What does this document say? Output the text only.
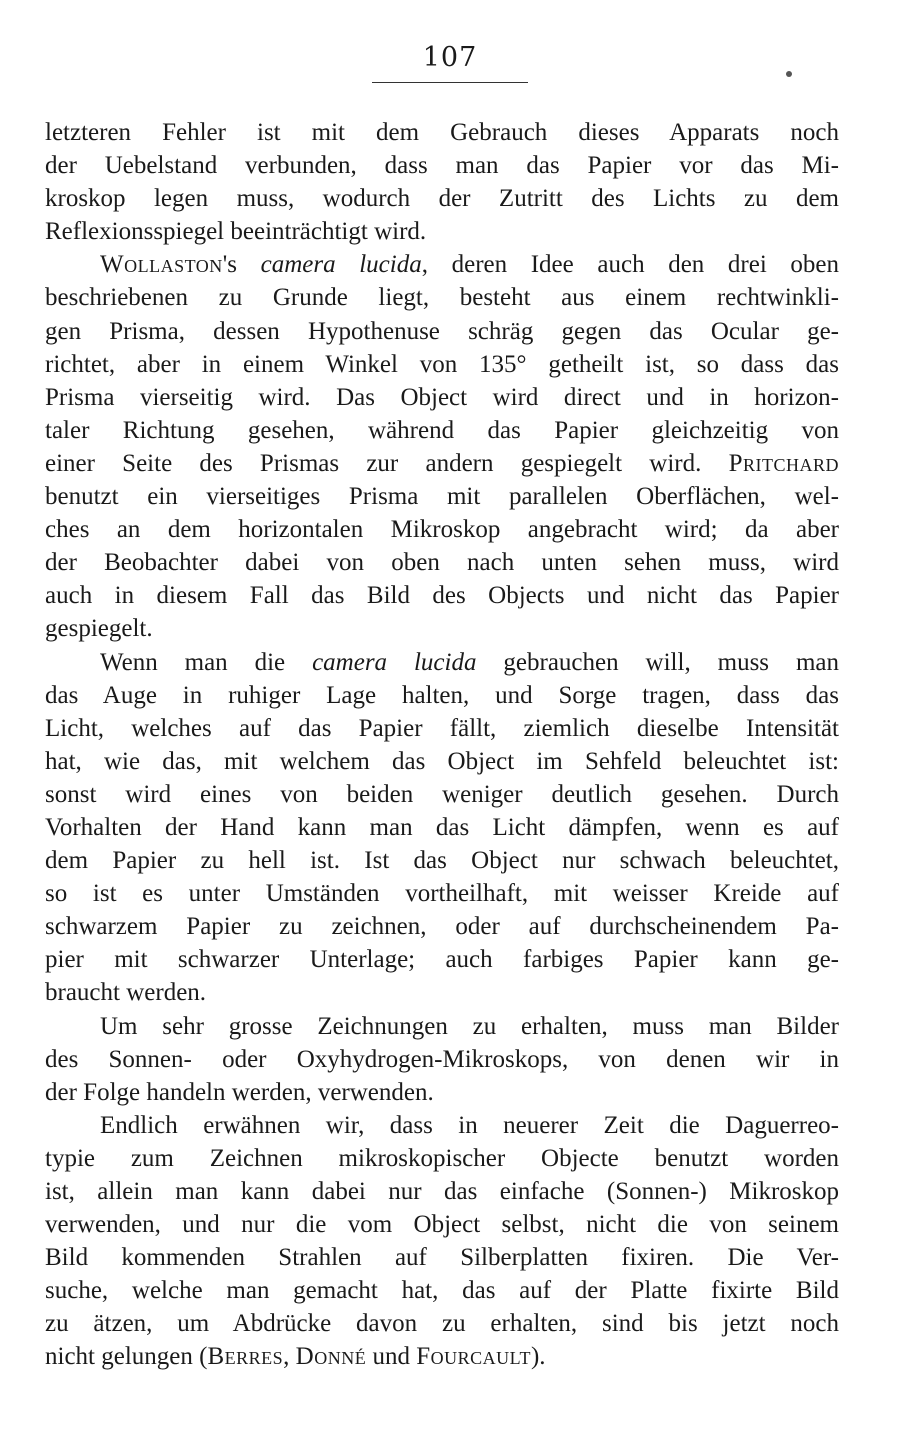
107
letzteren Fehler ist mit dem Gebrauch dieses Apparats noch
der Uebelstand verbunden, dass man das Papier vor das Mi-
kroskop legen muss, wodurch der Zutritt des Lichts zu dem
Reflexionsspiegel beeinträchtigt wird.
Wollaston's camera lucida, deren Idee auch den drei oben
beschriebenen zu Grunde liegt, besteht aus einem rechtwinkli-
gen Prisma, dessen Hypothenuse schräg gegen das Ocular ge-
richtet, aber in einem Winkel von 135° getheilt ist, so dass das
Prisma vierseitig wird. Das Object wird direct und in horizon-
taler Richtung gesehen, während das Papier gleichzeitig von
einer Seite des Prismas zur andern gespiegelt wird. Pritchard
benutzt ein vierseitiges Prisma mit parallelen Oberflächen, wel-
ches an dem horizontalen Mikroskop angebracht wird; da aber
der Beobachter dabei von oben nach unten sehen muss, wird
auch in diesem Fall das Bild des Objects und nicht das Papier
gespiegelt.
Wenn man die camera lucida gebrauchen will, muss man
das Auge in ruhiger Lage halten, und Sorge tragen, dass das
Licht, welches auf das Papier fällt, ziemlich dieselbe Intensität
hat, wie das, mit welchem das Object im Sehfeld beleuchtet ist:
sonst wird eines von beiden weniger deutlich gesehen. Durch
Vorhalten der Hand kann man das Licht dämpfen, wenn es auf
dem Papier zu hell ist. Ist das Object nur schwach beleuchtet,
so ist es unter Umständen vortheilhaft, mit weisser Kreide auf
schwarzem Papier zu zeichnen, oder auf durchscheinendem Pa-
pier mit schwarzer Unterlage; auch farbiges Papier kann ge-
braucht werden.
Um sehr grosse Zeichnungen zu erhalten, muss man Bilder
des Sonnen- oder Oxyhydrogen-Mikroskops, von denen wir in
der Folge handeln werden, verwenden.
Endlich erwähnen wir, dass in neuerer Zeit die Daguerreo-
typie zum Zeichnen mikroskopischer Objecte benutzt worden
ist, allein man kann dabei nur das einfache (Sonnen-) Mikroskop
verwenden, und nur die vom Object selbst, nicht die von seinem
Bild kommenden Strahlen auf Silberplatten fixiren. Die Ver-
suche, welche man gemacht hat, das auf der Platte fixirte Bild
zu ätzen, um Abdrücke davon zu erhalten, sind bis jetzt noch
nicht gelungen (Berres, Donné und Fourcault).
